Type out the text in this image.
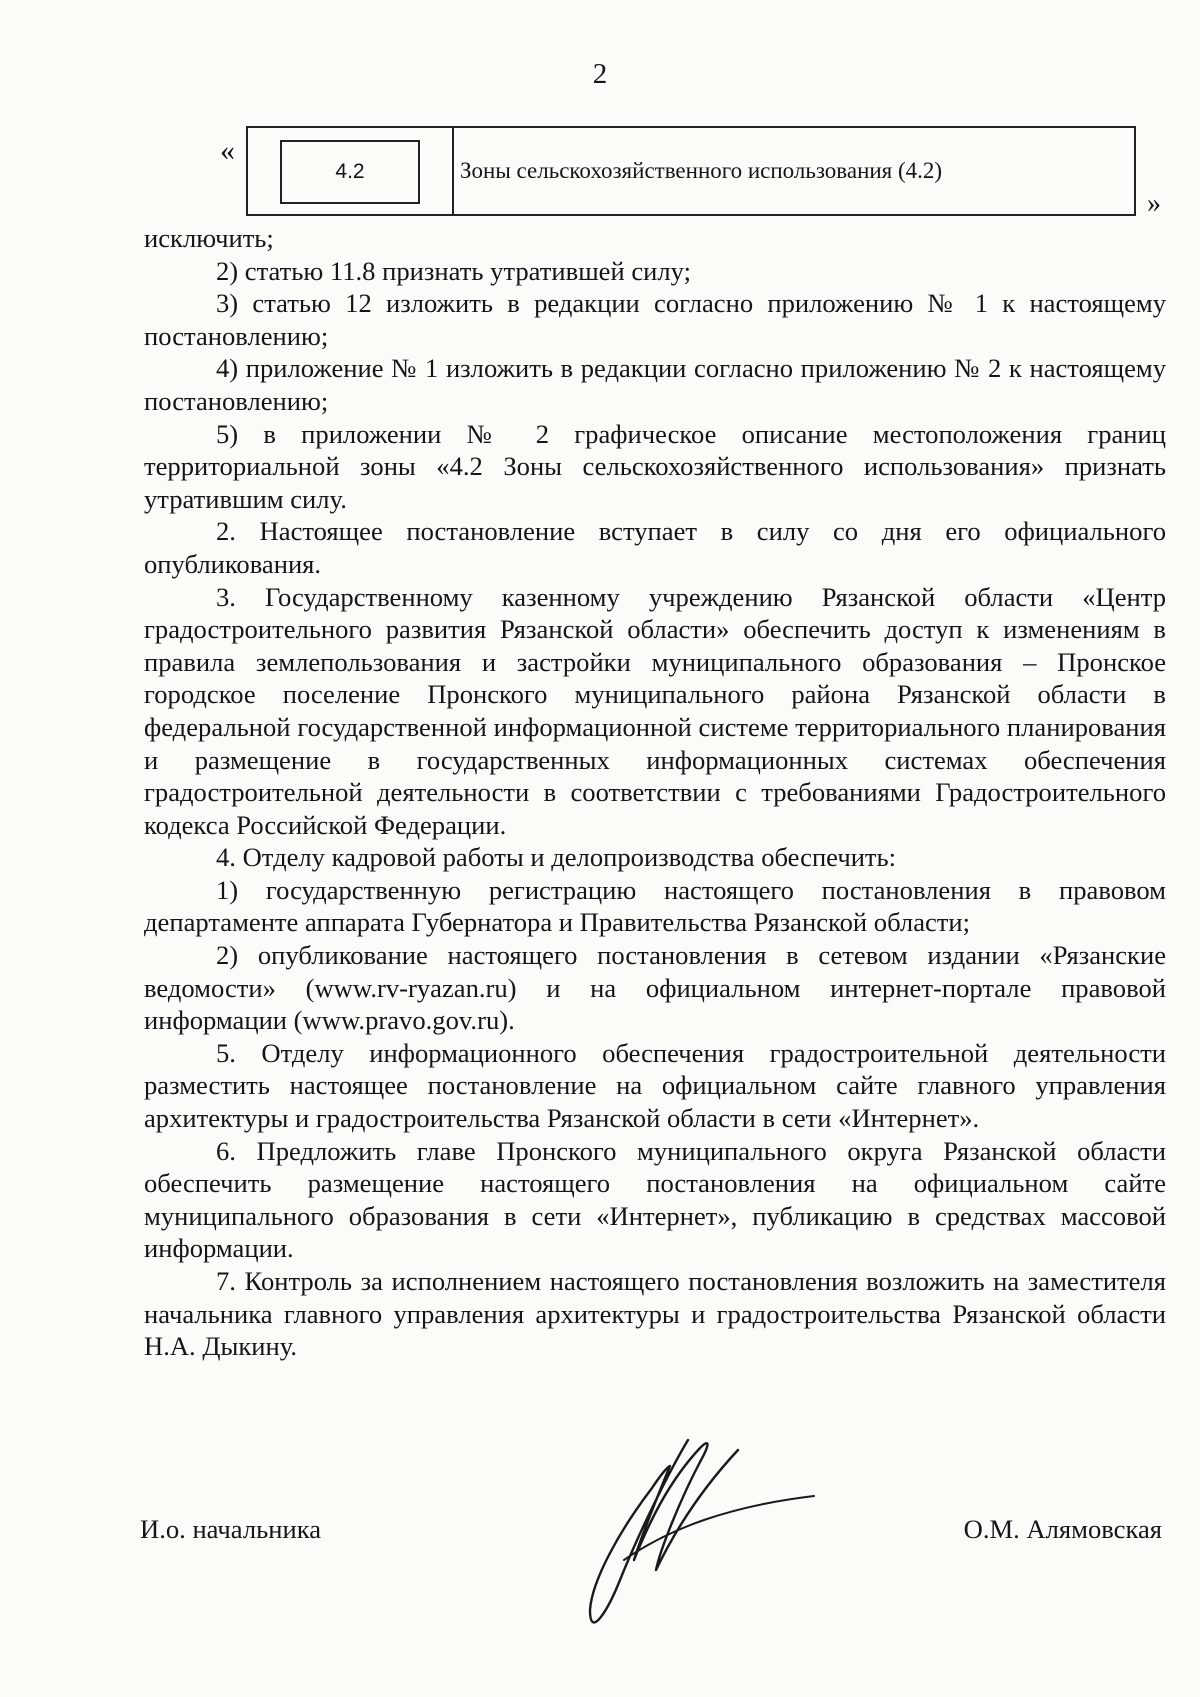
2
«
4.2	Зоны сельскохозяйственного использования (4.2)
»

исключить;

2) статью 11.8 признать утратившей силу;

3) статью 12 изложить в редакции согласно приложению № 1 к настоящему постановлению;

4) приложение № 1 изложить в редакции согласно приложению № 2 к настоящему постановлению;

5) в приложении № 2 графическое описание местоположения границ территориальной зоны «4.2 Зоны сельскохозяйственного использования» признать утратившим силу.

2. Настоящее постановление вступает в силу со дня его официального опубликования.

3. Государственному казенному учреждению Рязанской области «Центр градостроительного развития Рязанской области» обеспечить доступ к изменениям в правила землепользования и застройки муниципального образования – Пронское городское поселение Пронского муниципального района Рязанской области в федеральной государственной информационной системе территориального планирования и размещение в государственных информационных системах обеспечения градостроительной деятельности в соответствии с требованиями Градостроительного кодекса Российской Федерации.

4. Отделу кадровой работы и делопроизводства обеспечить:

1) государственную регистрацию настоящего постановления в правовом департаменте аппарата Губернатора и Правительства Рязанской области;

2) опубликование настоящего постановления в сетевом издании «Рязанские ведомости» (www.rv-ryazan.ru) и на официальном интернет-портале правовой информации (www.pravo.gov.ru).

5. Отделу информационного обеспечения градостроительной деятельности разместить настоящее постановление на официальном сайте главного управления архитектуры и градостроительства Рязанской области в сети «Интернет».

6. Предложить главе Пронского муниципального округа Рязанской области обеспечить размещение настоящего постановления на официальном сайте муниципального образования в сети «Интернет», публикацию в средствах массовой информации.

7. Контроль за исполнением настоящего постановления возложить на заместителя начальника главного управления архитектуры и градостроительства Рязанской области Н.А. Дыкину.

И.о. начальника	О.М. Алямовская
